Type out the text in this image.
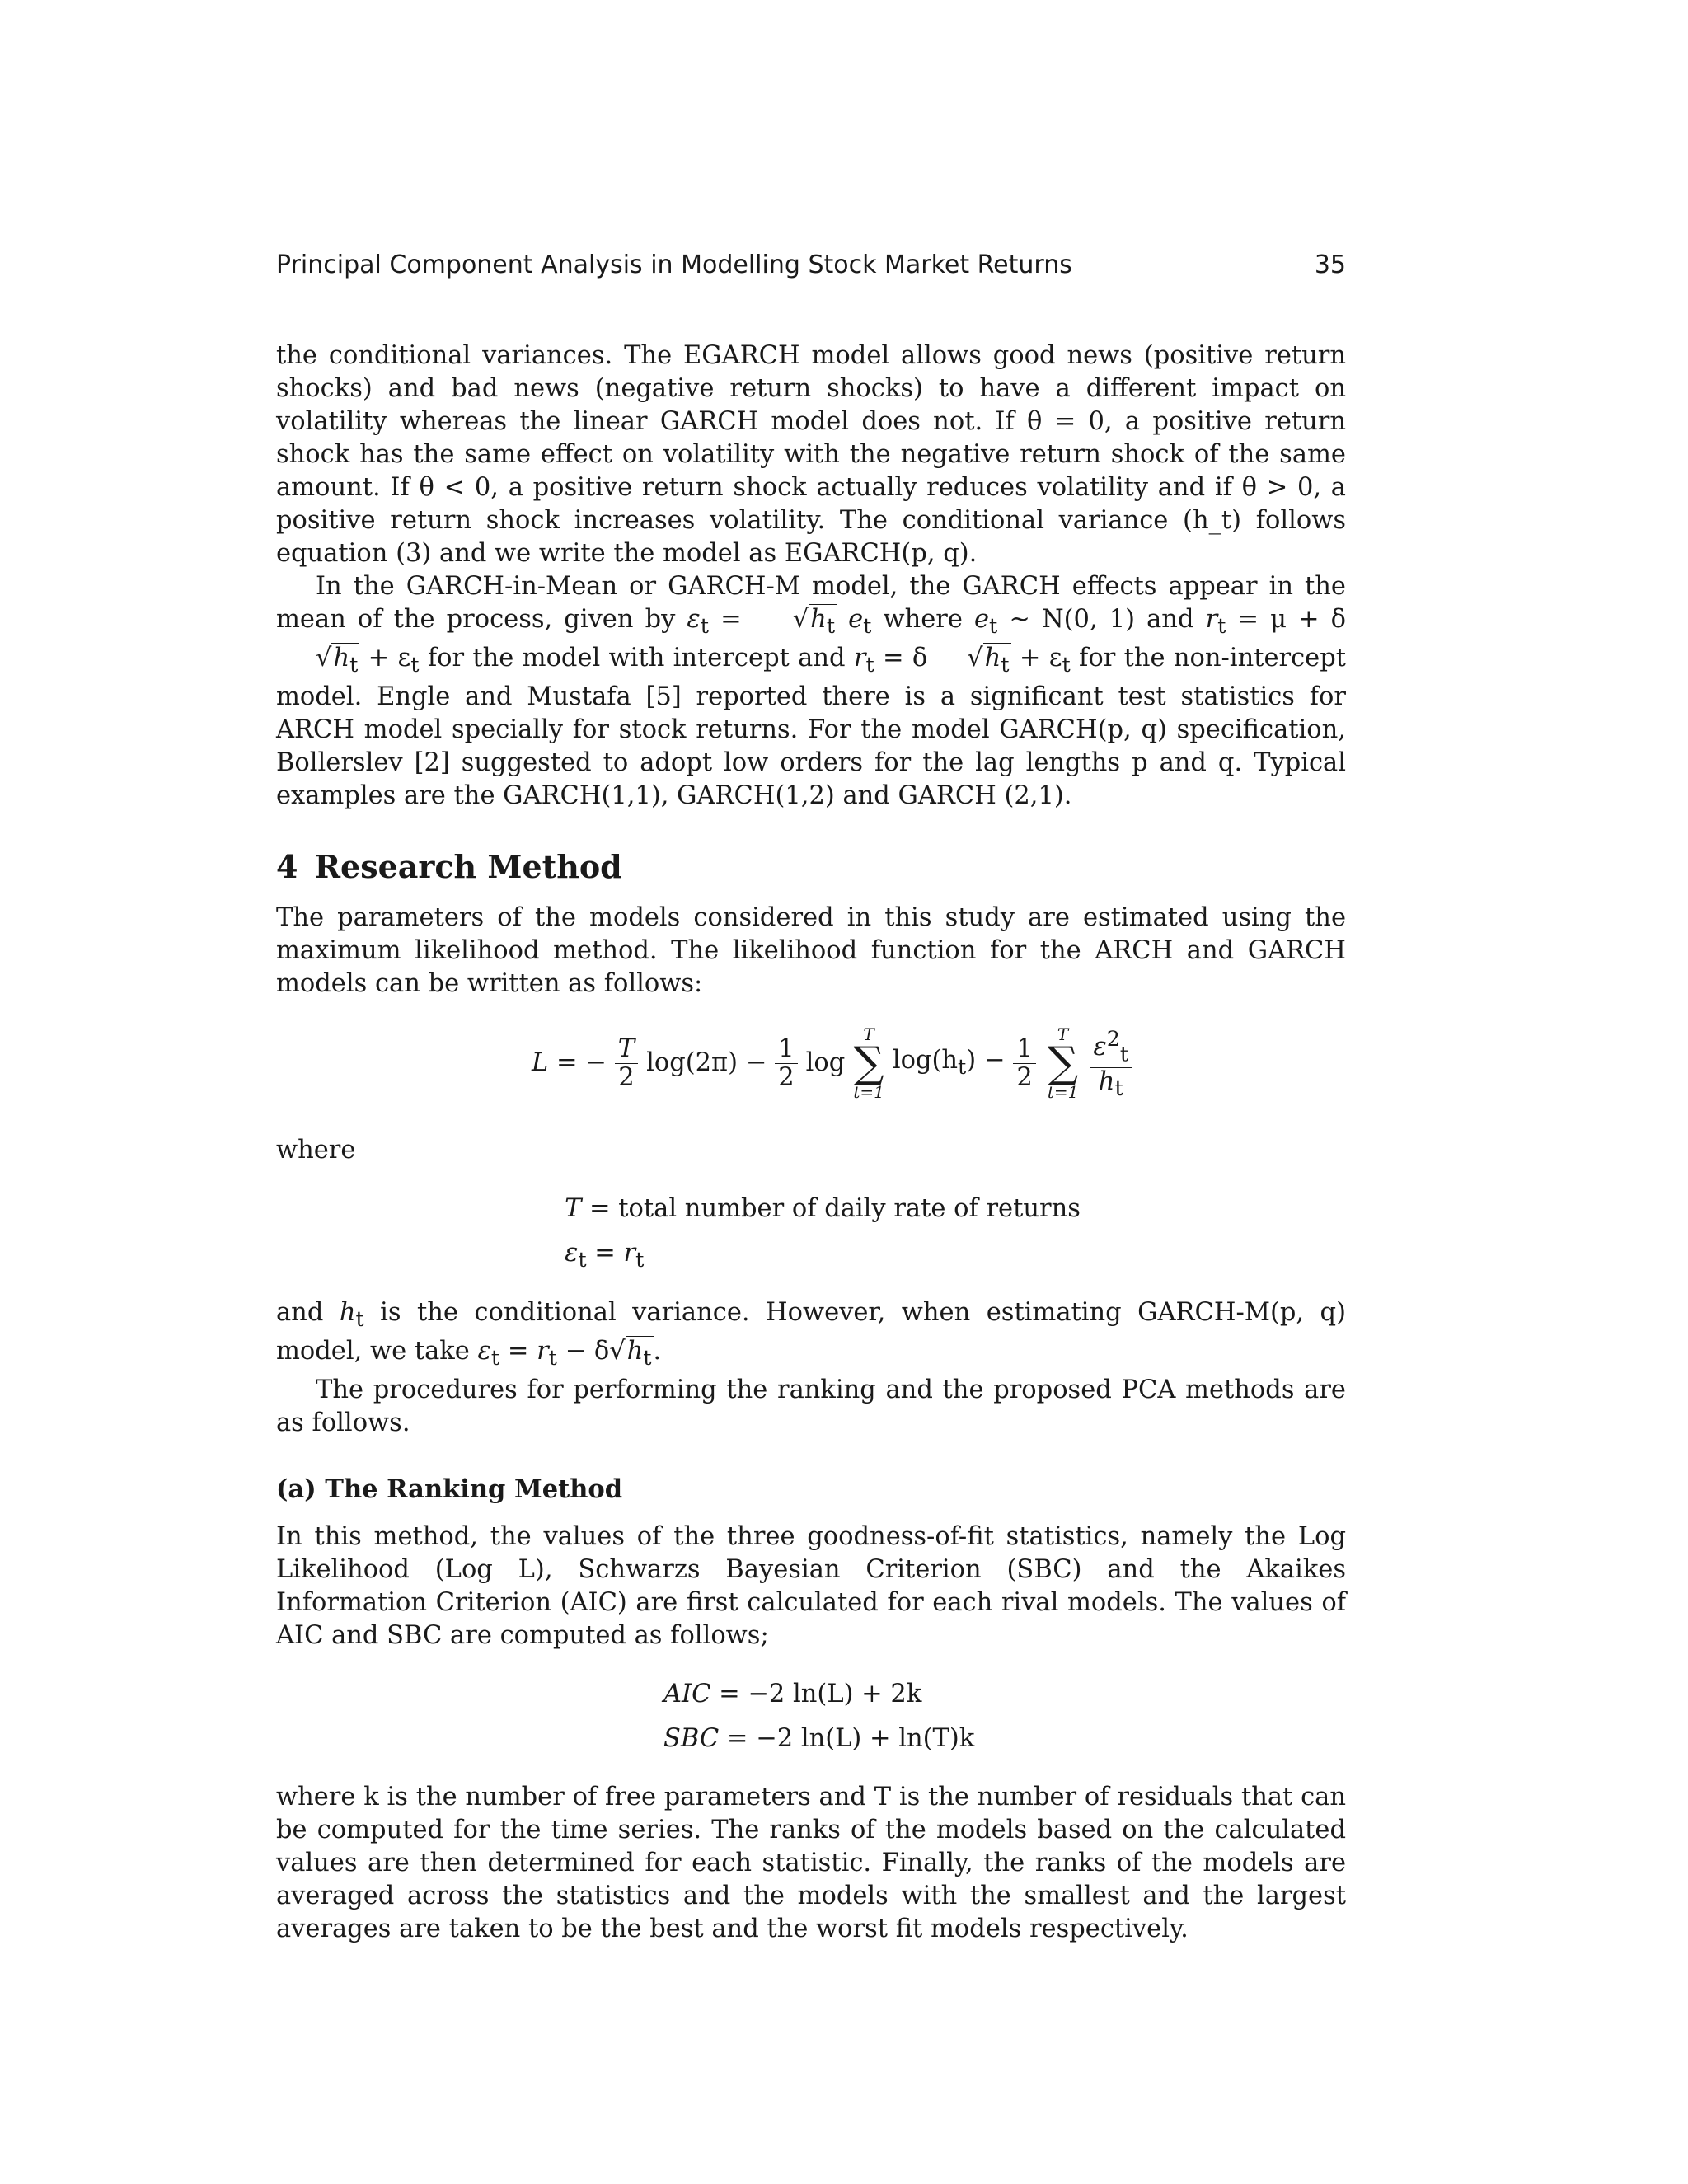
Principal Component Analysis in Modelling Stock Market Returns	35

the conditional variances. The EGARCH model allows good news (positive return shocks) and bad news (negative return shocks) to have a different impact on volatility whereas the linear GARCH model does not. If θ = 0, a positive return shock has the same effect on volatility with the negative return shock of the same amount. If θ < 0, a positive return shock actually reduces volatility and if θ > 0, a positive return shock increases volatility. The conditional variance (h_t) follows equation (3) and we write the model as EGARCH(p, q).

In the GARCH-in-Mean or GARCH-M model, the GARCH effects appear in the mean of the process, given by $\varepsilon_t = √h_t$ $e_t$ where $e_t$ ∼ N(0, 1) and $r_t = \mu + \delta√h_t + \varepsilon_t$ for the model with intercept and $r_t = \delta$ $√h_t + \varepsilon_t$ for the non-intercept model. Engle and Mustafa [5] reported there is a significant test statistics for ARCH model specially for stock returns. For the model GARCH(p, q) specification, Bollerslev [2] suggested to adopt low orders for the lag lengths p and q. Typical examples are the GARCH(1,1), GARCH(1,2) and GARCH (2,1).

4 Research Method

The parameters of the models considered in this study are estimated using the maximum likelihood method. The likelihood function for the ARCH and GARCH models can be written as follows:

L = − $\frac{T}{2} \log(2\pi) - \frac{1}{2}$ log
T
∑
t=1
$\log(h_t) - \frac{1}{2}$
T
∑
$t=1 \frac{\varepsilon^2_t}{h_t}$

where

T = total number of daily rate of returns
$\varepsilon_t = r_t$

and $h_t$ is the conditional variance. However, when estimating GARCH-M(p, q) model, we take $\varepsilon_t = r_t - \delta√h_t$.

The procedures for performing the ranking and the proposed PCA methods are as follows.

(a) The Ranking Method

In this method, the values of the three goodness-of-fit statistics, namely the Log Likelihood (Log L), Schwarzs Bayesian Criterion (SBC) and the Akaikes Information Criterion (AIC) are first calculated for each rival models. The values of AIC and SBC are computed as follows;

AIC = −2 ln(L) + 2k
SBC = −2 ln(L) + ln(T)k

where k is the number of free parameters and T is the number of residuals that can be computed for the time series. The ranks of the models based on the calculated values are then determined for each statistic. Finally, the ranks of the models are averaged across the statistics and the models with the smallest and the largest averages are taken to be the best and the worst fit models respectively.
